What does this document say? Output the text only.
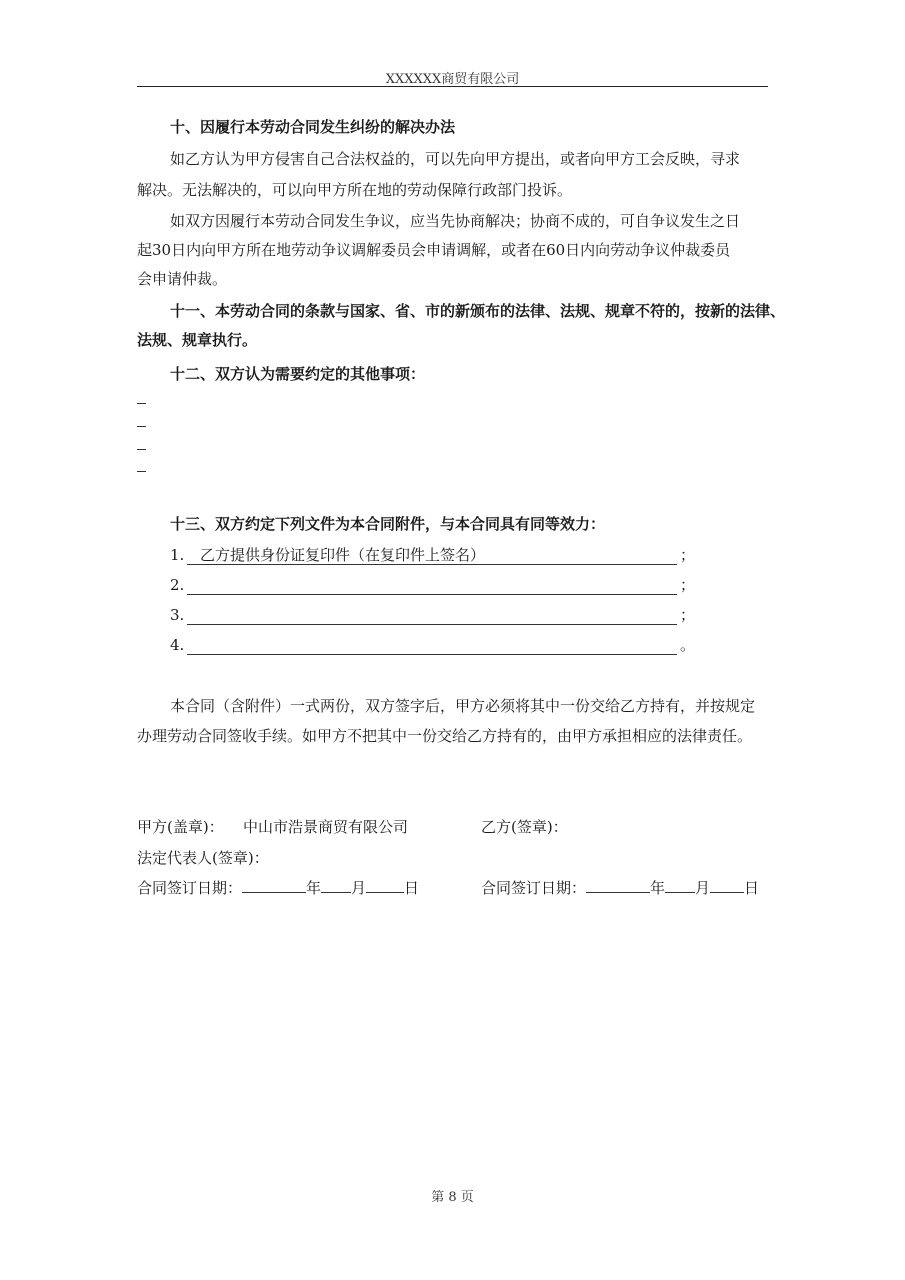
XXXXXX商贸有限公司
十、因履行本劳动合同发生纠纷的解决办法
如乙方认为甲方侵害自己合法权益的，可以先向甲方提出，或者向甲方工会反映，寻求
解决。无法解决的，可以向甲方所在地的劳动保障行政部门投诉。
如双方因履行本劳动合同发生争议，应当先协商解决；协商不成的，可自争议发生之日
起30日内向甲方所在地劳动争议调解委员会申请调解，或者在60日内向劳动争议仲裁委员
会申请仲裁。
十一、本劳动合同的条款与国家、省、市的新颁布的法律、法规、规章不符的，按新的法律、
法规、规章执行。
十二、双方认为需要约定的其他事项：
十三、双方约定下列文件为本合同附件，与本合同具有同等效力：
1. 乙方提供身份证复印件（在复印件上签名）	；
2.	；
3.	；
4.	。
本合同（含附件）一式两份，双方签字后，甲方必须将其中一份交给乙方持有，并按规定
办理劳动合同签收手续。如甲方不把其中一份交给乙方持有的，由甲方承担相应的法律责任。
甲方(盖章)： 中山市浩景商贸有限公司	乙方(签章)：
法定代表人(签章)：
合同签订日期：	年 月	日	合同签订日期：	年 月 日
第 8 页
